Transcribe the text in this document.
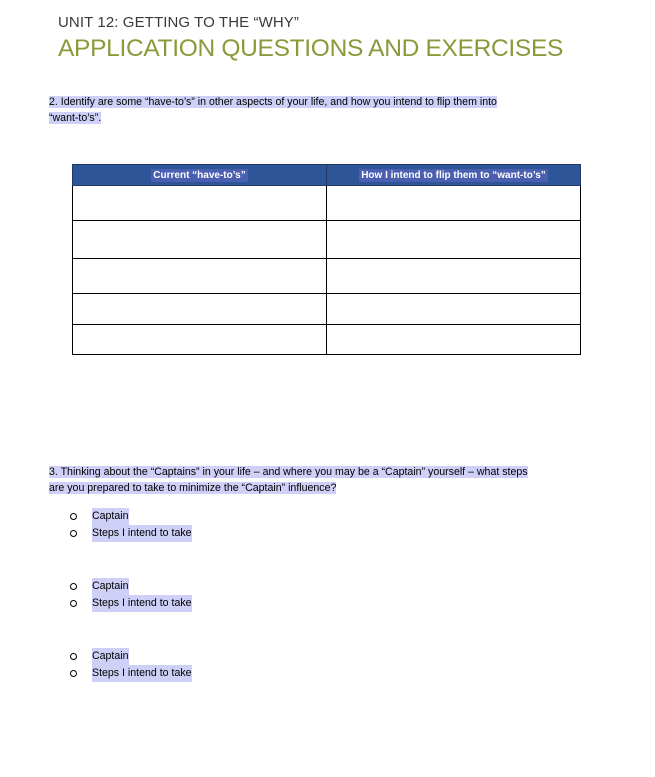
UNIT 12: GETTING TO THE “WHY”
APPLICATION QUESTIONS AND EXERCISES
2. Identify are some “have-to’s” in other aspects of your life, and how you intend to flip them into
“want-to’s”.
Current “have-to’s”	How I intend to flip them to “want-to’s”

3. Thinking about the “Captains” in your life – and where you may be a “Captain” yourself – what steps
are you prepared to take to minimize the “Captain” influence?
Captain
Steps I intend to take
Captain
Steps I intend to take
Captain
Steps I intend to take
